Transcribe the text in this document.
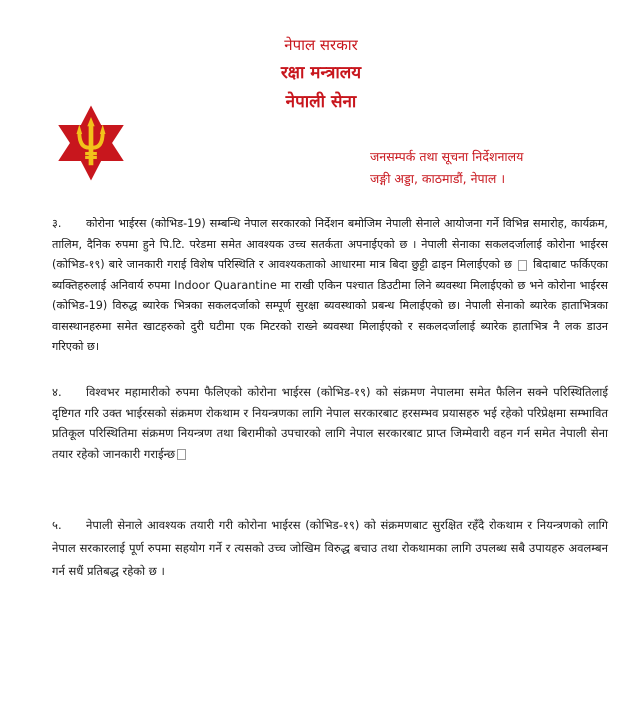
नेपाल सरकार
रक्षा मन्त्रालय
नेपाली सेना
जनसम्पर्क तथा सूचना निर्देशनालय
जङ्गी अड्डा, काठमाडौं, नेपाल ।
३. कोरोना भाईरस (कोभिड-19) सम्बन्धि नेपाल सरकारको निर्देशन बमोजिम नेपाली सेनाले आयोजना गर्ने विभिन्न समारोह, कार्यक्रम, तालिम, दैनिक रुपमा हुने पि.टि. परेडमा समेत आवश्यक उच्च सतर्कता अपनाईएको छ । नेपाली सेनाका सकलदर्जालाई कोरोना भाईरस (कोभिड-१९) बारे जानकारी गराई विशेष परिस्थिति र आवश्यकताको आधारमा मात्र बिदा छुट्टी ढाइन मिलाईएको छ  बिदाबाट फर्किएका ब्यक्तिहरुलाई अनिवार्य रुपमा Indoor Quarantine मा राखी एकिन पश्चात डिउटीमा लिने ब्यवस्था मिलाईएको छ भने कोरोना भाईरस (कोभिड-19) विरुद्ध ब्यारेक भित्रका सकलदर्जाको सम्पूर्ण सुरक्षा ब्यवस्थाको प्रबन्ध मिलाईएको छ। नेपाली सेनाको ब्यारेक हाताभित्रका वासस्थानहरुमा समेत खाटहरुको दुरी घटीमा एक मिटरको राख्ने ब्यवस्था मिलाईएको र सकलदर्जालाई ब्यारेक हाताभित्र नै लक डाउन गरिएको छ।
४. विश्वभर महामारीको रुपमा फैलिएको कोरोना भाईरस (कोभिड-१९) को संक्रमण नेपालमा समेत फैलिन सक्ने परिस्थितिलाई दृष्टिगत गरि उक्त भाईरसको संक्रमण रोकथाम र नियन्त्रणका लागि नेपाल सरकारबाट हरसम्भव प्रयासहरु भई रहेको परिप्रेक्षमा सम्भावित प्रतिकूल परिस्थितिमा संक्रमण नियन्त्रण तथा बिरामीको उपचारको लागि नेपाल सरकारबाट प्राप्त जिम्मेवारी वहन गर्न समेत नेपाली सेना तयार रहेको जानकारी गराईन्छ
५. नेपाली सेनाले आवश्यक तयारी गरी कोरोना भाईरस (कोभिड-१९) को संक्रमणबाट सुरक्षित रहँदै रोकथाम र नियन्त्रणको लागि नेपाल सरकारलाई पूर्ण रुपमा सहयोग गर्ने र त्यसको उच्च जोखिम विरुद्ध बचाउ तथा रोकथामका लागि उपलब्ध सबै उपायहरु अवलम्बन गर्न सधैं प्रतिबद्ध रहेको छ ।
